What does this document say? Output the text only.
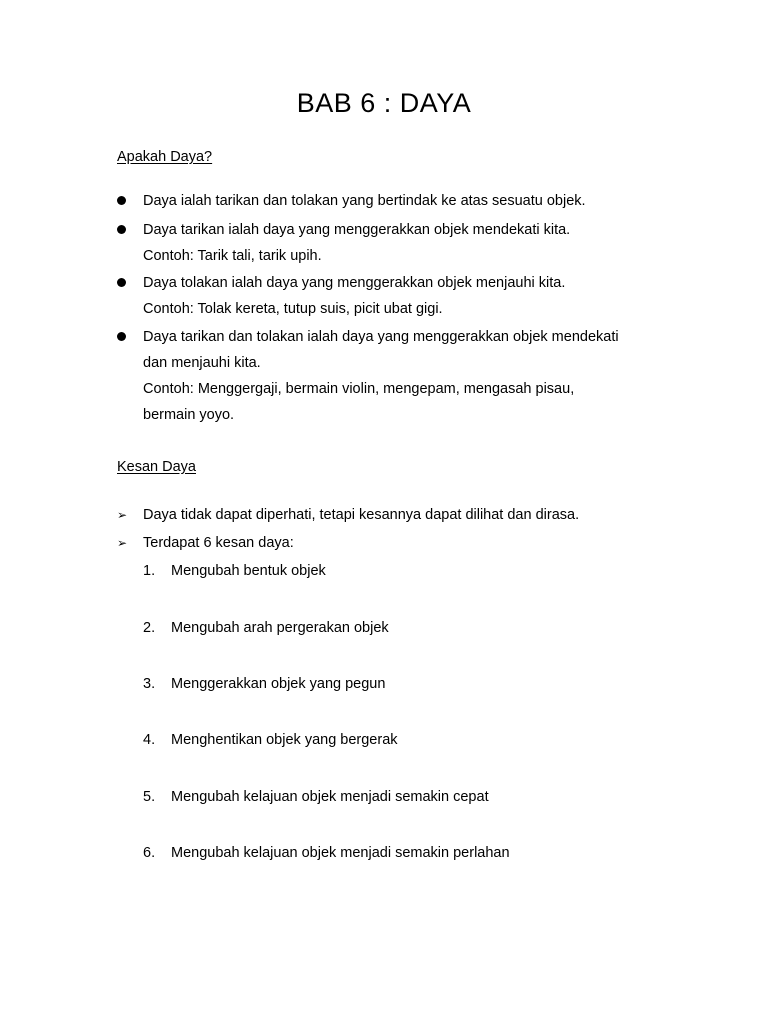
BAB 6 : DAYA
Apakah Daya?
Daya ialah tarikan dan tolakan yang bertindak ke atas sesuatu objek.
Daya tarikan ialah daya yang menggerakkan objek mendekati kita.
Contoh: Tarik tali, tarik upih.
Daya tolakan ialah daya yang menggerakkan objek menjauhi kita.
Contoh: Tolak kereta, tutup suis, picit ubat gigi.
Daya tarikan dan tolakan ialah daya yang menggerakkan objek mendekati
dan menjauhi kita.
Contoh: Menggergaji, bermain violin, mengepam, mengasah pisau,
bermain yoyo.
Kesan Daya
➢ Daya tidak dapat diperhati, tetapi kesannya dapat dilihat dan dirasa.
➢ Terdapat 6 kesan daya:
1.	Mengubah bentuk objek
2.	Mengubah arah pergerakan objek
3.	Menggerakkan objek yang pegun
4.	Menghentikan objek yang bergerak
5.	Mengubah kelajuan objek menjadi semakin cepat
6.	Mengubah kelajuan objek menjadi semakin perlahan
